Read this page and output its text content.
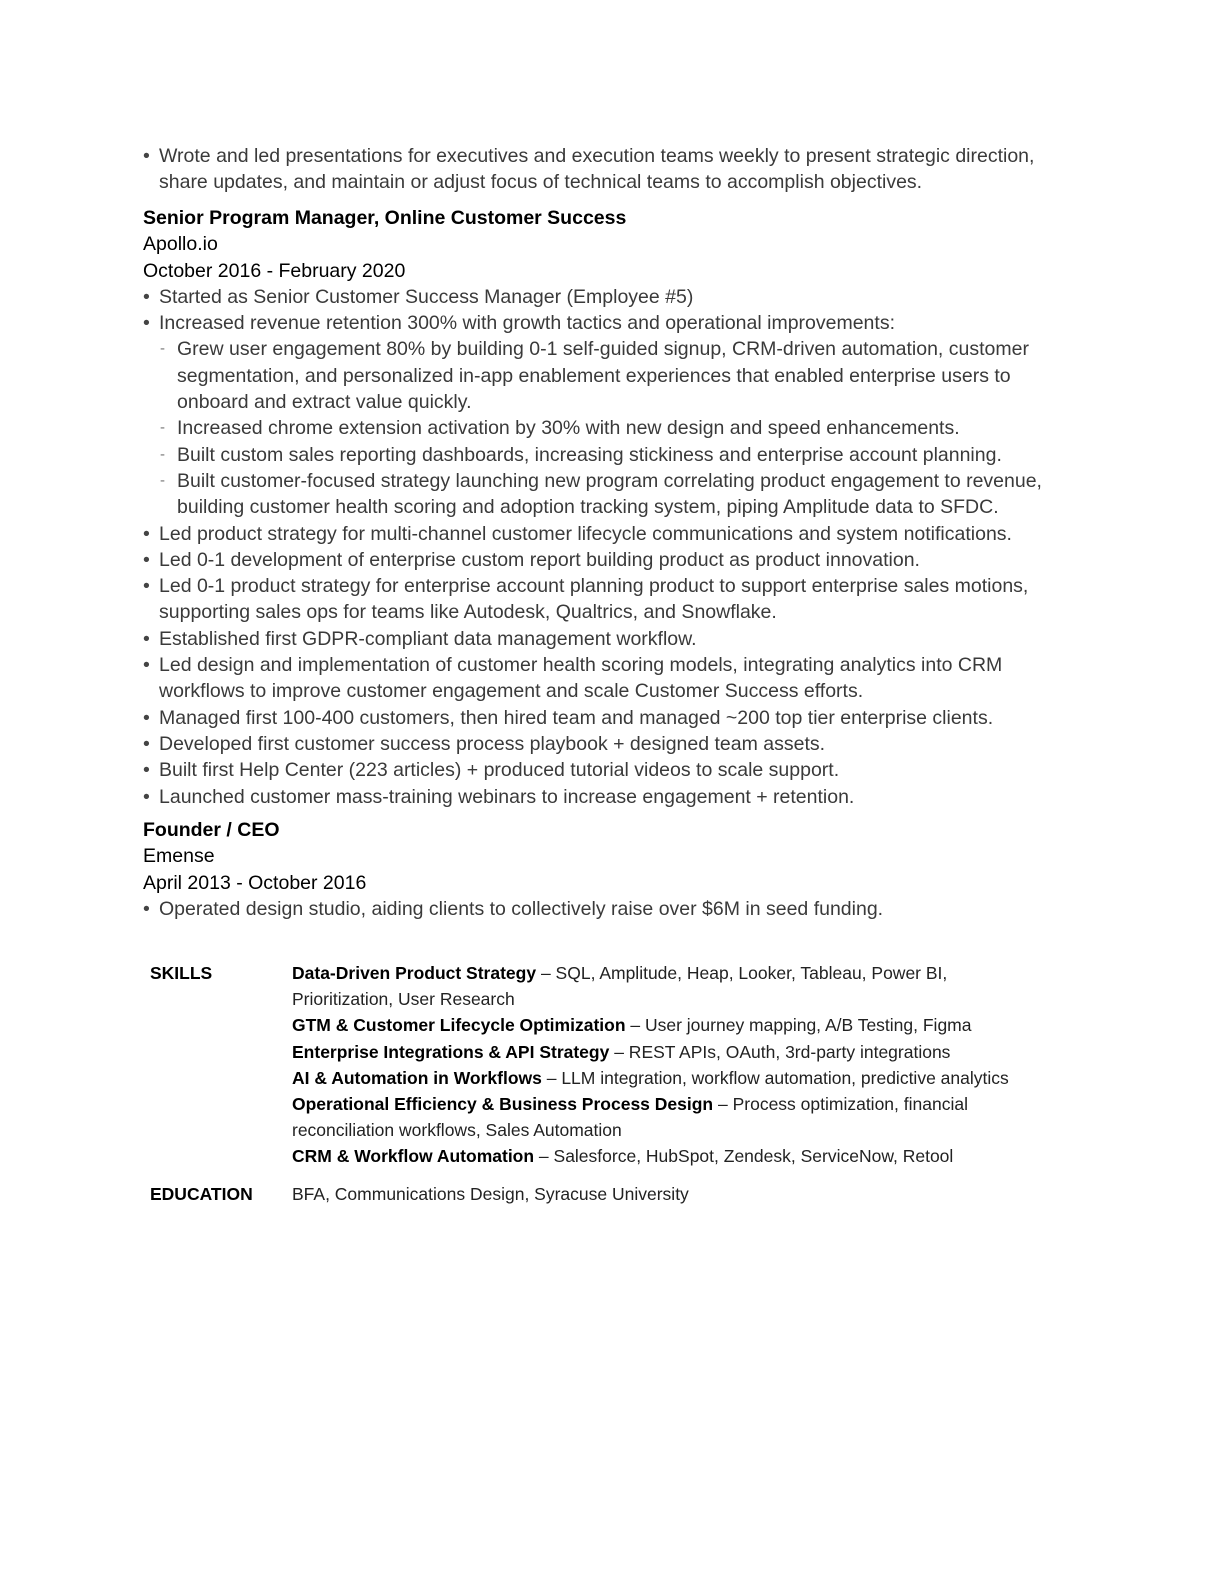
• Wrote and led presentations for executives and execution teams weekly to present strategic direction, share updates, and maintain or adjust focus of technical teams to accomplish objectives.
Senior Program Manager, Online Customer Success
Apollo.io
October 2016 - February 2020
• Started as Senior Customer Success Manager (Employee #5)
• Increased revenue retention 300% with growth tactics and operational improvements:
- Grew user engagement 80% by building 0-1 self-guided signup, CRM-driven automation, customer segmentation, and personalized in-app enablement experiences that enabled enterprise users to onboard and extract value quickly.
- Increased chrome extension activation by 30% with new design and speed enhancements.
- Built custom sales reporting dashboards, increasing stickiness and enterprise account planning.
- Built customer-focused strategy launching new program correlating product engagement to revenue, building customer health scoring and adoption tracking system, piping Amplitude data to SFDC.
• Led product strategy for multi-channel customer lifecycle communications and system notifications.
• Led 0-1 development of enterprise custom report building product as product innovation.
• Led 0-1 product strategy for enterprise account planning product to support enterprise sales motions, supporting sales ops for teams like Autodesk, Qualtrics, and Snowflake.
• Established first GDPR-compliant data management workflow.
• Led design and implementation of customer health scoring models, integrating analytics into CRM workflows to improve customer engagement and scale Customer Success efforts.
• Managed first 100-400 customers, then hired team and managed ~200 top tier enterprise clients.
• Developed first customer success process playbook + designed team assets.
• Built first Help Center (223 articles) + produced tutorial videos to scale support.
• Launched customer mass-training webinars to increase engagement + retention.
Founder / CEO
Emense
April 2013 - October 2016
• Operated design studio, aiding clients to collectively raise over $6M in seed funding.
SKILLS	Data-Driven Product Strategy – SQL, Amplitude, Heap, Looker, Tableau, Power BI, Prioritization, User Research

GTM & Customer Lifecycle Optimization – User journey mapping, A/B Testing, Figma

Enterprise Integrations & API Strategy – REST APIs, OAuth, 3rd-party integrations

AI & Automation in Workflows – LLM integration, workflow automation, predictive analytics

Operational Efficiency & Business Process Design – Process optimization, financial reconciliation workflows, Sales Automation

CRM & Workflow Automation – Salesforce, HubSpot, Zendesk, ServiceNow, Retool

EDUCATION	BFA, Communications Design, Syracuse University
